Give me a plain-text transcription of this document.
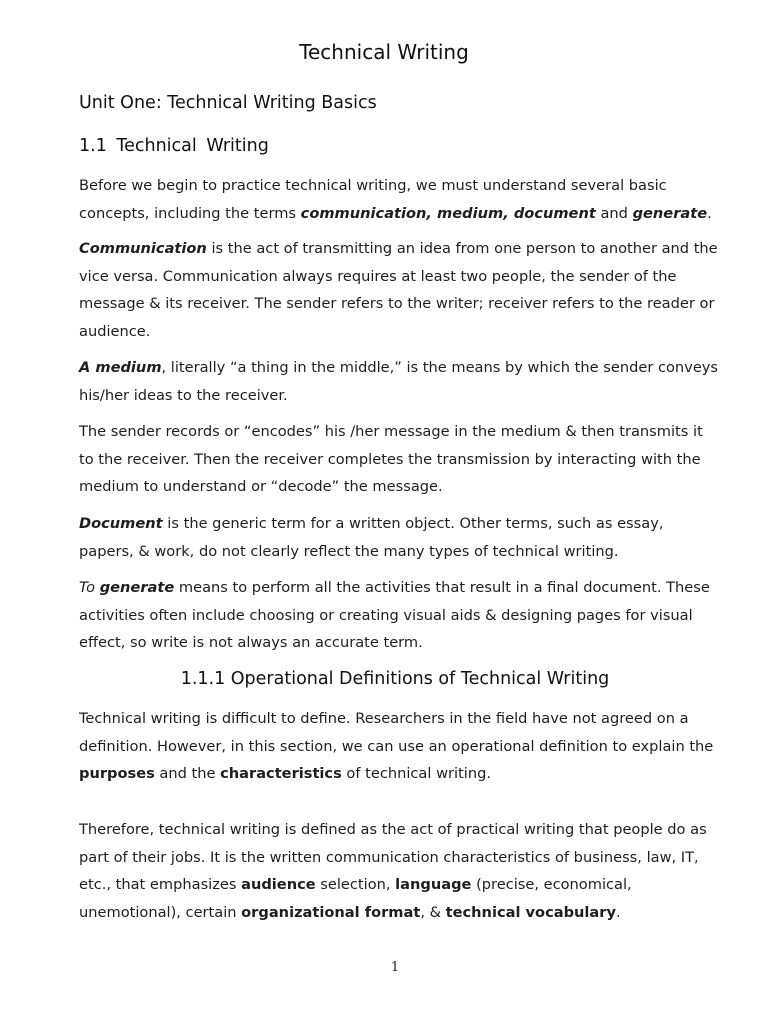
Technical Writing
Unit One: Technical Writing Basics
1.1 Technical Writing

Before we begin to practice technical writing, we must understand several basic concepts, including the terms communication, medium, document and generate.

Communication is the act of transmitting an idea from one person to another and the vice versa. Communication always requires at least two people, the sender of the message & its receiver. The sender refers to the writer; receiver refers to the reader or audience.

A medium, literally “a thing in the middle,” is the means by which the sender conveys his/her ideas to the receiver.

The sender records or “encodes” his /her message in the medium & then transmits it to the receiver. Then the receiver completes the transmission by interacting with the medium to understand or “decode” the message.

Document is the generic term for a written object. Other terms, such as essay, papers, & work, do not clearly reflect the many types of technical writing.

To generate means to perform all the activities that result in a final document. These activities often include choosing or creating visual aids & designing pages for visual effect, so write is not always an accurate term.

1.1.1 Operational Definitions of Technical Writing

Technical writing is difficult to define. Researchers in the field have not agreed on a definition. However, in this section, we can use an operational definition to explain the purposes and the characteristics of technical writing.

Therefore, technical writing is defined as the act of practical writing that people do as part of their jobs. It is the written communication characteristics of business, law, IT, etc., that emphasizes audience selection, language (precise, economical, unemotional), certain organizational format, & technical vocabulary.

1
